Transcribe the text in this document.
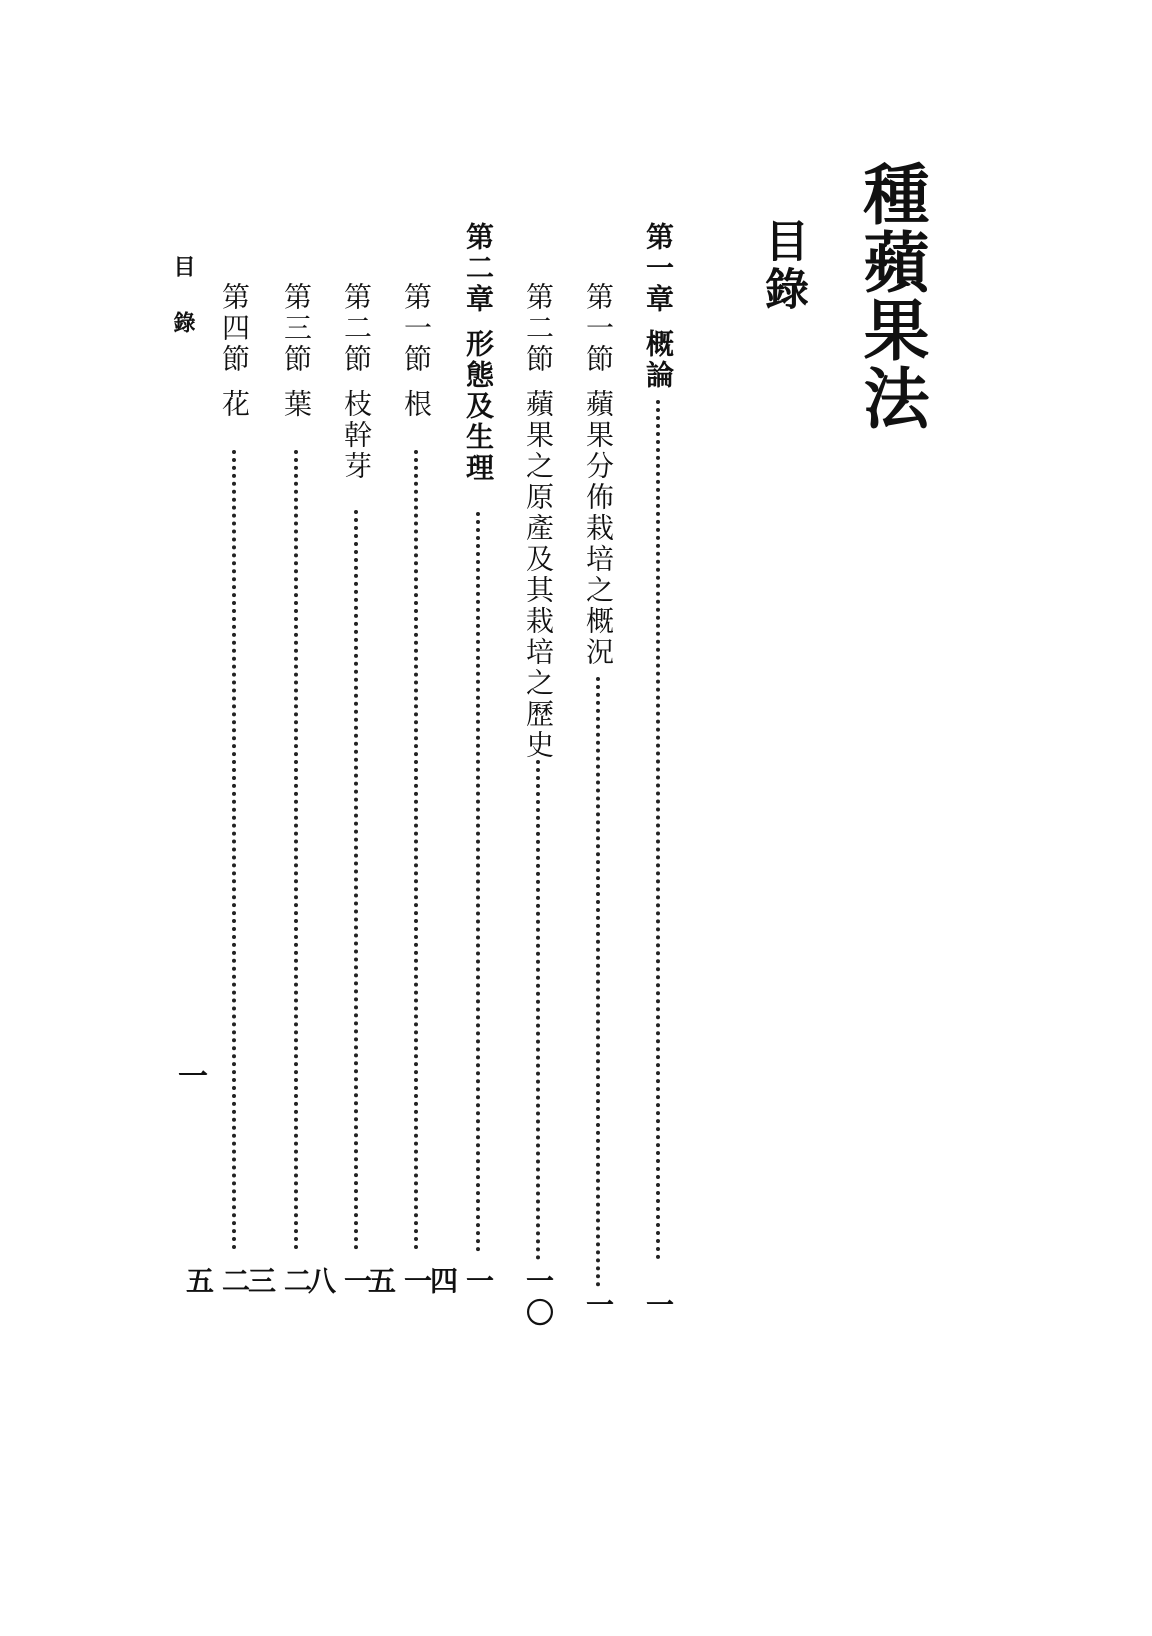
種蘋果法
目錄
第一章概論
一
第一節蘋果分佈栽培之概況
一
第二節蘋果之原產及其栽培之歷史
一〇
第二章形態及生理
一四
第一節根
一五
第二節枝幹芽
一八
第三節葉
二三
第四節花
二五
目錄
一
